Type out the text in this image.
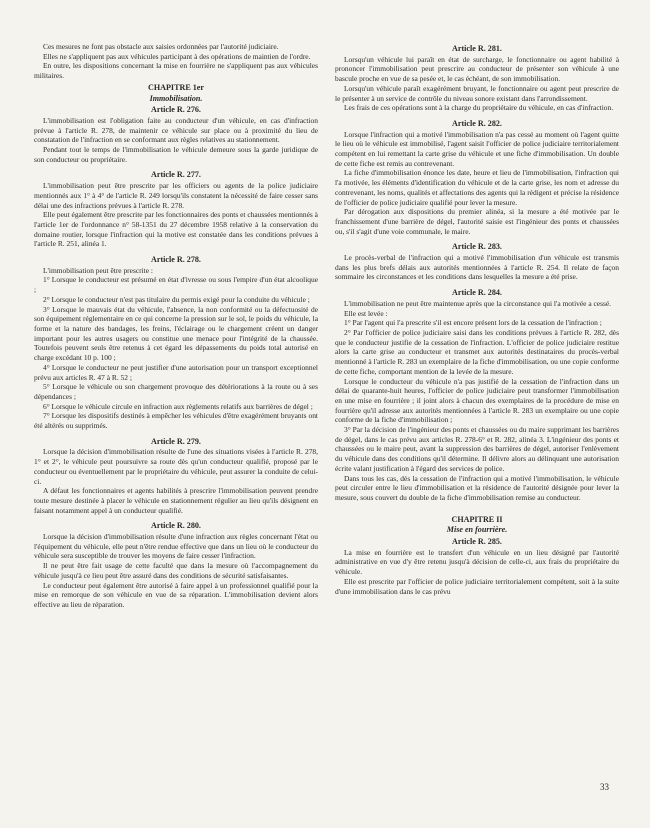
Ces mesures ne font pas obstacle aux saisies ordonnées par l'autorité judiciaire.

Elles ne s'appliquent pas aux véhicules participant à des opérations de maintien de l'ordre.

En outre, les dispositions concernant la mise en fourrière ne s'appliquent pas aux véhicules militaires.

CHAPITRE 1er
Immobilisation.
Article R. 276.

L'immobilisation est l'obligation faite au conducteur d'un véhicule, en cas d'infraction prévue à l'article R. 278, de maintenir ce véhicule sur place ou à proximité du lieu de constatation de l'infraction en se conformant aux règles relatives au stationnement.

Pendant tout le temps de l'immobilisation le véhicule demeure sous la garde juridique de son conducteur ou propriétaire.

Article R. 277.

L'immobilisation peut être prescrite par les officiers ou agents de la police judiciaire mentionnés aux 1° à 4° de l'article R. 249 lorsqu'ils constatent la nécessité de faire cesser sans délai une des infractions prévues à l'article R. 278.

Elle peut également être prescrite par les fonctionnaires des ponts et chaussées mentionnés à l'article 1er de l'ordonnance n° 58-1351 du 27 décembre 1958 relative à la conservation du domaine routier, lorsque l'infraction qui la motive est constatée dans les conditions prévues à l'article R. 251, alinéa 1.

Article R. 278.

L'immobilisation peut être prescrite :

1° Lorsque le conducteur est présumé en état d'ivresse ou sous l'empire d'un état alcoolique ;

2° Lorsque le conducteur n'est pas titulaire du permis exigé pour la conduite du véhicule ;

3° Lorsque le mauvais état du véhicule, l'absence, la non conformité ou la défectuosité de son équipement réglementaire en ce qui concerne la pression sur le sol, le poids du véhicule, la forme et la nature des bandages, les freins, l'éclairage ou le chargement créent un danger important pour les autres usagers ou constitue une menace pour l'intégrité de la chaussée. Toutefois peuvent seuls être retenus à cet égard les dépassements du poids total autorisé en charge excédant 10 p. 100 ;

4° Lorsque le conducteur ne peut justifier d'une autorisation pour un transport exceptionnel prévu aux articles R. 47 à R. 52 ;

5° Lorsque le véhicule ou son chargement provoque des détériorations à la route ou à ses dépendances ;

6° Lorsque le véhicule circule en infraction aux règlements relatifs aux barrières de dégel ;

7° Lorsque les dispositifs destinés à empêcher les véhicules d'être exagérément bruyants ont été altérés ou supprimés.

Article R. 279.

Lorsque la décision d'immobilisation résulte de l'une des situations visées à l'article R. 278, 1° et 2°, le véhicule peut poursuivre sa route dès qu'un conducteur qualifié, proposé par le conducteur ou éventuellement par le propriétaire du véhicule, peut assurer la conduite de celui-ci.

A défaut les fonctionnaires et agents habilités à prescrire l'immobilisation peuvent prendre toute mesure destinée à placer le véhicule en stationnement régulier au lieu qu'ils désignent en faisant notamment appel à un conducteur qualifié.

Article R. 280.

Lorsque la décision d'immobilisation résulte d'une infraction aux règles concernant l'état ou l'équipement du véhicule, elle peut n'être rendue effective que dans un lieu où le conducteur du véhicule sera susceptible de trouver les moyens de faire cesser l'infraction.

Il ne peut être fait usage de cette faculté que dans la mesure où l'accompagnement du véhicule jusqu'à ce lieu peut être assuré dans des conditions de sécurité satisfaisantes.

Le conducteur peut également être autorisé à faire appel à un professionnel qualifié pour la mise en remorque de son véhicule en vue de sa réparation. L'immobilisation devient alors effective au lieu de réparation.

Article R. 281.

Lorsqu'un véhicule lui paraît en état de surcharge, le fonctionnaire ou agent habilité à prononcer l'immobilisation peut prescrire au conducteur de présenter son véhicule à une bascule proche en vue de sa pesée et, le cas échéant, de son immobilisation.

Lorsqu'un véhicule paraît exagérément bruyant, le fonctionnaire ou agent peut prescrire de le présenter à un service de contrôle du niveau sonore existant dans l'arrondissement.

Les frais de ces opérations sont à la charge du propriétaire du véhicule, en cas d'infraction.

Article R. 282.

Lorsque l'infraction qui a motivé l'immobilisation n'a pas cessé au moment où l'agent quitte le lieu où le véhicule est immobilisé, l'agent saisit l'officier de police judiciaire territorialement compétent en lui remettant la carte grise du véhicule et une fiche d'immobilisation. Un double de cette fiche est remis au contrevenant.

La fiche d'immobilisation énonce les date, heure et lieu de l'immobilisation, l'infraction qui l'a motivée, les éléments d'identification du véhicule et de la carte grise, les nom et adresse du contrevenant, les noms, qualités et affectations des agents qui la rédigent et précise la résidence de l'officier de police judiciaire qualifié pour lever la mesure.

Par dérogation aux dispositions du premier alinéa, si la mesure a été motivée par le franchissement d'une barrière de dégel, l'autorité saisie est l'ingénieur des ponts et chaussées ou, s'il s'agit d'une voie communale, le maire.

Article R. 283.

Le procès-verbal de l'infraction qui a motivé l'immobilisation d'un véhicule est transmis dans les plus brefs délais aux autorités mentionnées à l'article R. 254. Il relate de façon sommaire les circonstances et les conditions dans lesquelles la mesure a été prise.

Article R. 284.

L'immobilisation ne peut être maintenue après que la circonstance qui l'a motivée a cessé.

Elle est levée :

1° Par l'agent qui l'a prescrite s'il est encore présent lors de la cessation de l'infraction ;

2° Par l'officier de police judiciaire saisi dans les conditions prévues à l'article R. 282, dès que le conducteur justifie de la cessation de l'infraction. L'officier de police judiciaire restitue alors la carte grise au conducteur et transmet aux autorités destinataires du procès-verbal mentionné à l'article R. 283 un exemplaire de la fiche d'immobilisation, ou une copie conforme de cette fiche, comportant mention de la levée de la mesure.

Lorsque le conducteur du véhicule n'a pas justifié de la cessation de l'infraction dans un délai de quarante-huit heures, l'officier de police judiciaire peut transformer l'immobilisation en une mise en fourrière ; il joint alors à chacun des exemplaires de la procédure de mise en fourrière qu'il adresse aux autorités mentionnées à l'article R. 283 un exemplaire ou une copie conforme de la fiche d'immobilisation ;

3° Par la décision de l'ingénieur des ponts et chaussées ou du maire supprimant les barrières de dégel, dans le cas prévu aux articles R. 278-6° et R. 282, alinéa 3. L'ingénieur des ponts et chaussées ou le maire peut, avant la suppression des barrières de dégel, autoriser l'enlèvement du véhicule dans des conditions qu'il détermine. Il délivre alors au délinquant une autorisation écrite valant justification à l'égard des services de police.

Dans tous les cas, dès la cessation de l'infraction qui a motivé l'immobilisation, le véhicule peut circuler entre le lieu d'immobilisation et la résidence de l'autorité désignée pour lever la mesure, sous couvert du double de la fiche d'immobilisation remise au conducteur.

CHAPITRE II
Mise en fourrière.
Article R. 285.

La mise en fourrière est le transfert d'un véhicule en un lieu désigné par l'autorité administrative en vue d'y être retenu jusqu'à décision de celle-ci, aux frais du propriétaire du véhicule.

Elle est prescrite par l'officier de police judiciaire territorialement compétent, soit à la suite d'une immobilisation dans le cas prévu

33
